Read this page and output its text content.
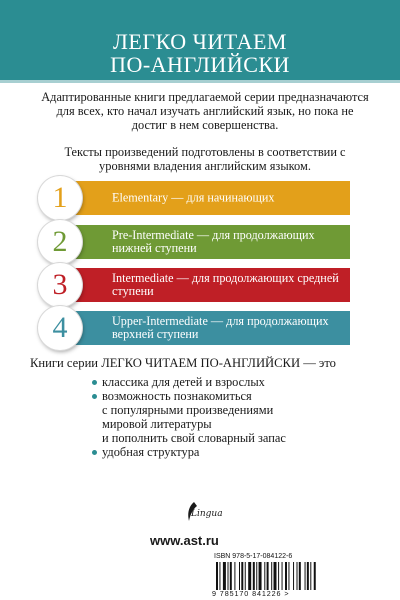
ЛЕГКО ЧИТАЕМ
ПО-АНГЛИЙСКИ
Адаптированные книги предлагаемой серии предназначаются для всех, кто начал изучать английский язык, но пока не достиг в нем совершенства.
Тексты произведений подготовлены в соответствии с уровнями владения английским языком.
Elementary — для начинающих
Pre-Intermediate — для продолжающих нижней ступени
Intermediate — для продолжающих средней ступени
Upper-Intermediate — для продолжающих верхней ступени
1
2
3
4
Книги серии ЛЕГКО ЧИТАЕМ ПО-АНГЛИЙСКИ — это
классика для детей и взрослых
возможность познакомиться
с популярными произведениями
мировой литературы
и пополнить свой словарный запас
удобная структура
Lingua
www.ast.ru
ISBN 978-5-17-084122-6
9 785170 841226 >
